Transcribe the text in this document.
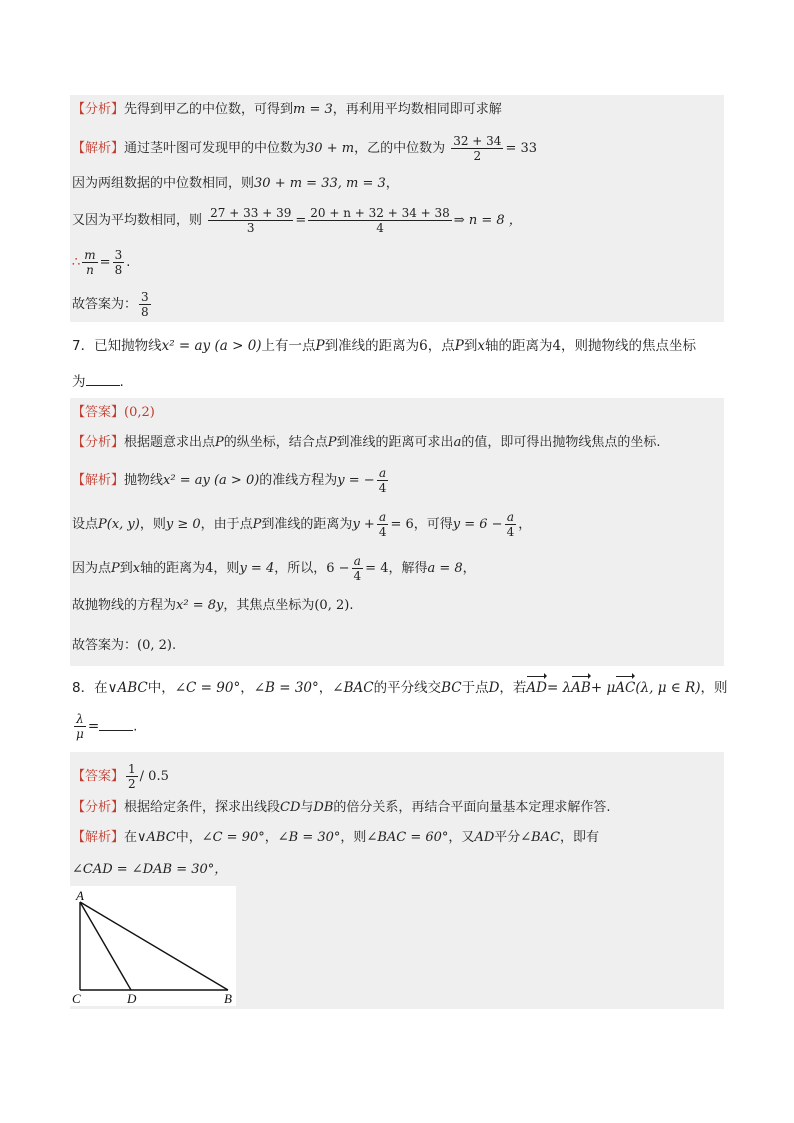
【分析】先得到甲乙的中位数，可得到m = 3，再利用平均数相同即可求解
【解析】通过茎叶图可发现甲的中位数为30 + m，乙的中位数为 $\frac{32 + 34}{2} = 33$
因为两组数据的中位数相同，则30 + m = 33, m = 3，
又因为平均数相同，则 $\frac{27 + 33 + 39}{3} = \frac{20 + n + 32 + 34 + 38}{4}$ ⇒ n = 8 ，
∴ $\frac{m}{n} = \frac{3}{8}$ .
故答案为： $\frac{3}{8}$
7．已知抛物线x² = ay (a > 0)上有一点P到准线的距离为6，点P到x轴的距离为4，则抛物线的焦点坐标
为	.
【答案】(0,2)
【分析】根据题意求出点P的纵坐标，结合点P到准线的距离可求出a的值，即可得出抛物线焦点的坐标.
【解析】抛物线x² = ay (a > 0)的准线方程为y = − $\frac{a}{4}$
设点P(x, y)，则y ≥ 0，由于点P到准线的距离为$y + \frac{a}{4} = 6$，可得$y = 6 - \frac{a}{4}$ ，
因为点P到x轴的距离为4，则y = 4，所以，$6 - \frac{a}{4} = 4$，解得a = 8，
故抛物线的方程为x² = 8y，其焦点坐标为(0, 2).
故答案为：(0, 2).
8．在∨ABC中，∠C = 90°，∠B = 30°，∠BAC的平分线交BC于点D，若AD= λAB+ μAC(λ, μ ∈ R)，则
$\frac{\lambda}{\mu}$ =	.
【答案】 $\frac{1}{2} / 0.5$
【分析】根据给定条件，探求出线段CD与DB的倍分关系，再结合平面向量基本定理求解作答.
【解析】在∨ABC中，∠C = 90°，∠B = 30°，则∠BAC = 60°，又AD平分∠BAC，即有
∠CAD = ∠DAB = 30°，
A
C	D	B
